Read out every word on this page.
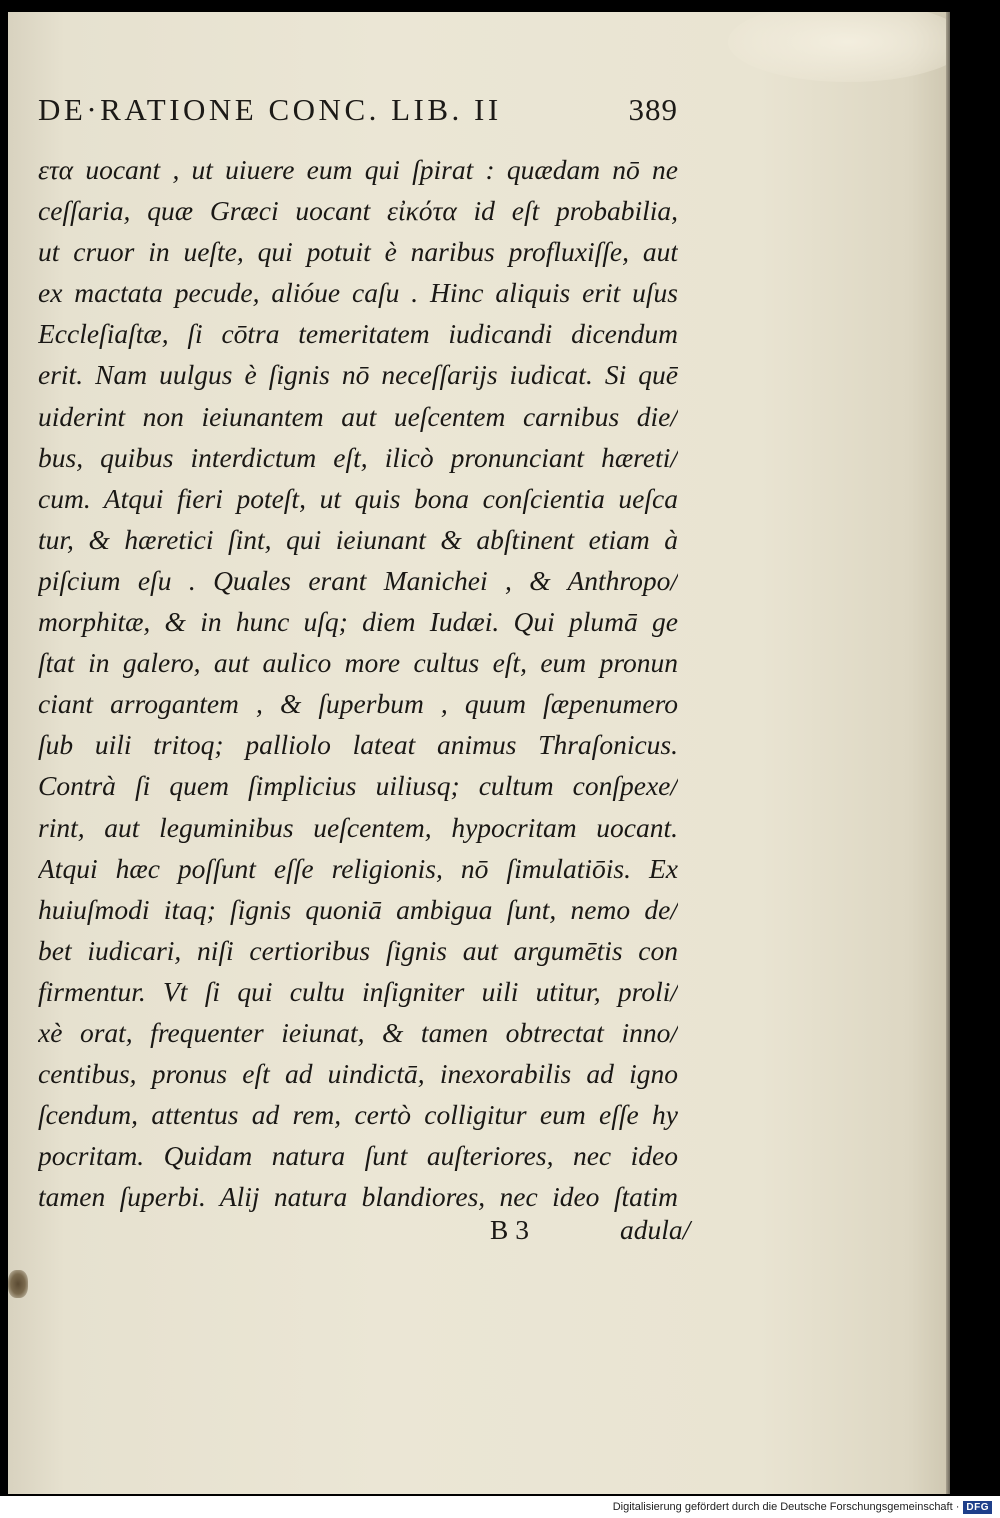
DE·RATIONE CONC. LIB. II	389
ετα uocant , ut uiuere eum qui ſpirat : quædam nō ne
ceſſaria, quæ Græci uocant εἰκότα id eſt probabilia,
ut cruor in ueſte, qui potuit è naribus profluxiſſe, aut
ex mactata pecude, alióue caſu . Hinc aliquis erit uſus
Eccleſiaſtæ, ſi cōtra temeritatem iudicandi dicendum
erit. Nam uulgus è ſignis nō neceſſarijs iudicat. Si quē
uiderint non ieiunantem aut ueſcentem carnibus die/
bus, quibus interdictum eſt, ilicò pronunciant hæreti/
cum. Atqui fieri poteſt, ut quis bona conſcientia ueſca
tur, & hæretici ſint, qui ieiunant & abſtinent etiam à
piſcium eſu . Quales erant Manichei , & Anthropo/
morphitæ, & in hunc uſq; diem Iudæi. Qui plumā ge
ſtat in galero, aut aulico more cultus eſt, eum pronun
ciant arrogantem , & ſuperbum , quum ſæpenumero
ſub uili tritoq; palliolo lateat animus Thraſonicus.
Contrà ſi quem ſimplicius uiliusq; cultum conſpexe/
rint, aut leguminibus ueſcentem, hypocritam uocant.
Atqui hæc poſſunt eſſe religionis, nō ſimulatiōis. Ex
huiuſmodi itaq; ſignis quoniā ambigua ſunt, nemo de/
bet iudicari, niſi certioribus ſignis aut argumētis con
firmentur. Vt ſi qui cultu inſigniter uili utitur, proli/
xè orat, frequenter ieiunat, & tamen obtrectat inno/
centibus, pronus eſt ad uindictā, inexorabilis ad igno
ſcendum, attentus ad rem, certò colligitur eum eſſe hy
pocritam. Quidam natura ſunt auſteriores, nec ideo
tamen ſuperbi. Alij natura blandiores, nec ideo ſtatim
B 3	adula/
Digitalisierung gefördert durch die Deutsche Forschungsgemeinschaft · DFG
